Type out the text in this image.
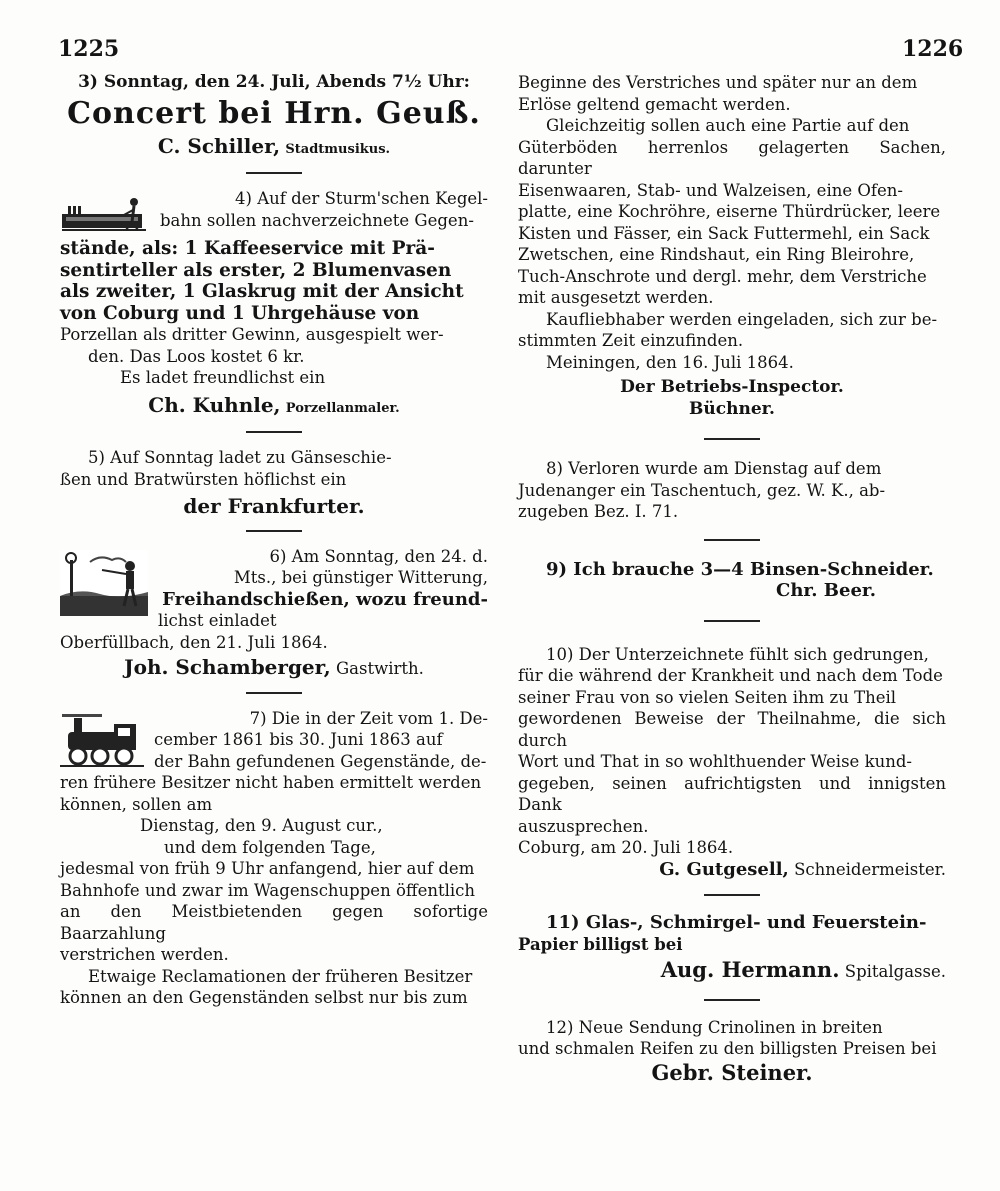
1225	1226

3) Sonntag, den 24. Juli, Abends 7½ Uhr:

Concert bei Hrn. Geuß.

C. Schiller, Stadtmusikus.

4) Auf der Sturm'schen Kegel-

bahn sollen nachverzeichnete Gegen-

stände, als: 1 Kaffeeservice mit Prä-

sentirteller als erster, 2 Blumenvasen

als zweiter, 1 Glaskrug mit der Ansicht

von Coburg und 1 Uhrgehäuse von

Porzellan als dritter Gewinn, ausgespielt wer-

den. Das Loos kostet 6 kr.

Es ladet freundlichst ein

Ch. Kuhnle, Porzellanmaler.

5) Auf Sonntag ladet zu Gänseschie-

ßen und Bratwürsten höflichst ein

der Frankfurter.

6) Am Sonntag, den 24. d.

Mts., bei günstiger Witterung,

Freihandschießen, wozu freund-

lichst einladet

Oberfüllbach, den 21. Juli 1864.

Joh. Schamberger, Gastwirth.

7) Die in der Zeit vom 1. De-

cember 1861 bis 30. Juni 1863 auf

der Bahn gefundenen Gegenstände, de-

ren frühere Besitzer nicht haben ermittelt werden

können, sollen am

Dienstag, den 9. August cur.,

und dem folgenden Tage,

jedesmal von früh 9 Uhr anfangend, hier auf dem

Bahnhofe und zwar im Wagenschuppen öffentlich

an den Meistbietenden gegen sofortige Baarzahlung

verstrichen werden.

Etwaige Reclamationen der früheren Besitzer

können an den Gegenständen selbst nur bis zum

Beginne des Verstriches und später nur an dem

Erlöse geltend gemacht werden.

Gleichzeitig sollen auch eine Partie auf den

Güterböden herrenlos gelagerten Sachen, darunter

Eisenwaaren, Stab- und Walzeisen, eine Ofen-

platte, eine Kochröhre, eiserne Thürdrücker, leere

Kisten und Fässer, ein Sack Futtermehl, ein Sack

Zwetschen, eine Rindshaut, ein Ring Bleirohre,

Tuch-Anschrote und dergl. mehr, dem Verstriche

mit ausgesetzt werden.

Kaufliebhaber werden eingeladen, sich zur be-

stimmten Zeit einzufinden.

Meiningen, den 16. Juli 1864.

Der Betriebs-Inspector.

Büchner.

8) Verloren wurde am Dienstag auf dem

Judenanger ein Taschentuch, gez. W. K., ab-

zugeben Bez. I. 71.

9) Ich brauche 3—4 Binsen-Schneider.

Chr. Beer.

10) Der Unterzeichnete fühlt sich gedrungen,

für die während der Krankheit und nach dem Tode

seiner Frau von so vielen Seiten ihm zu Theil

gewordenen Beweise der Theilnahme, die sich durch

Wort und That in so wohlthuender Weise kund-

gegeben, seinen aufrichtigsten und innigsten Dank

auszusprechen.

Coburg, am 20. Juli 1864.

G. Gutgesell, Schneidermeister.

11) Glas-, Schmirgel- und Feuerstein-

Papier billigst bei

Aug. Hermann. Spitalgasse.

12) Neue Sendung Crinolinen in breiten

und schmalen Reifen zu den billigsten Preisen bei

Gebr. Steiner.
